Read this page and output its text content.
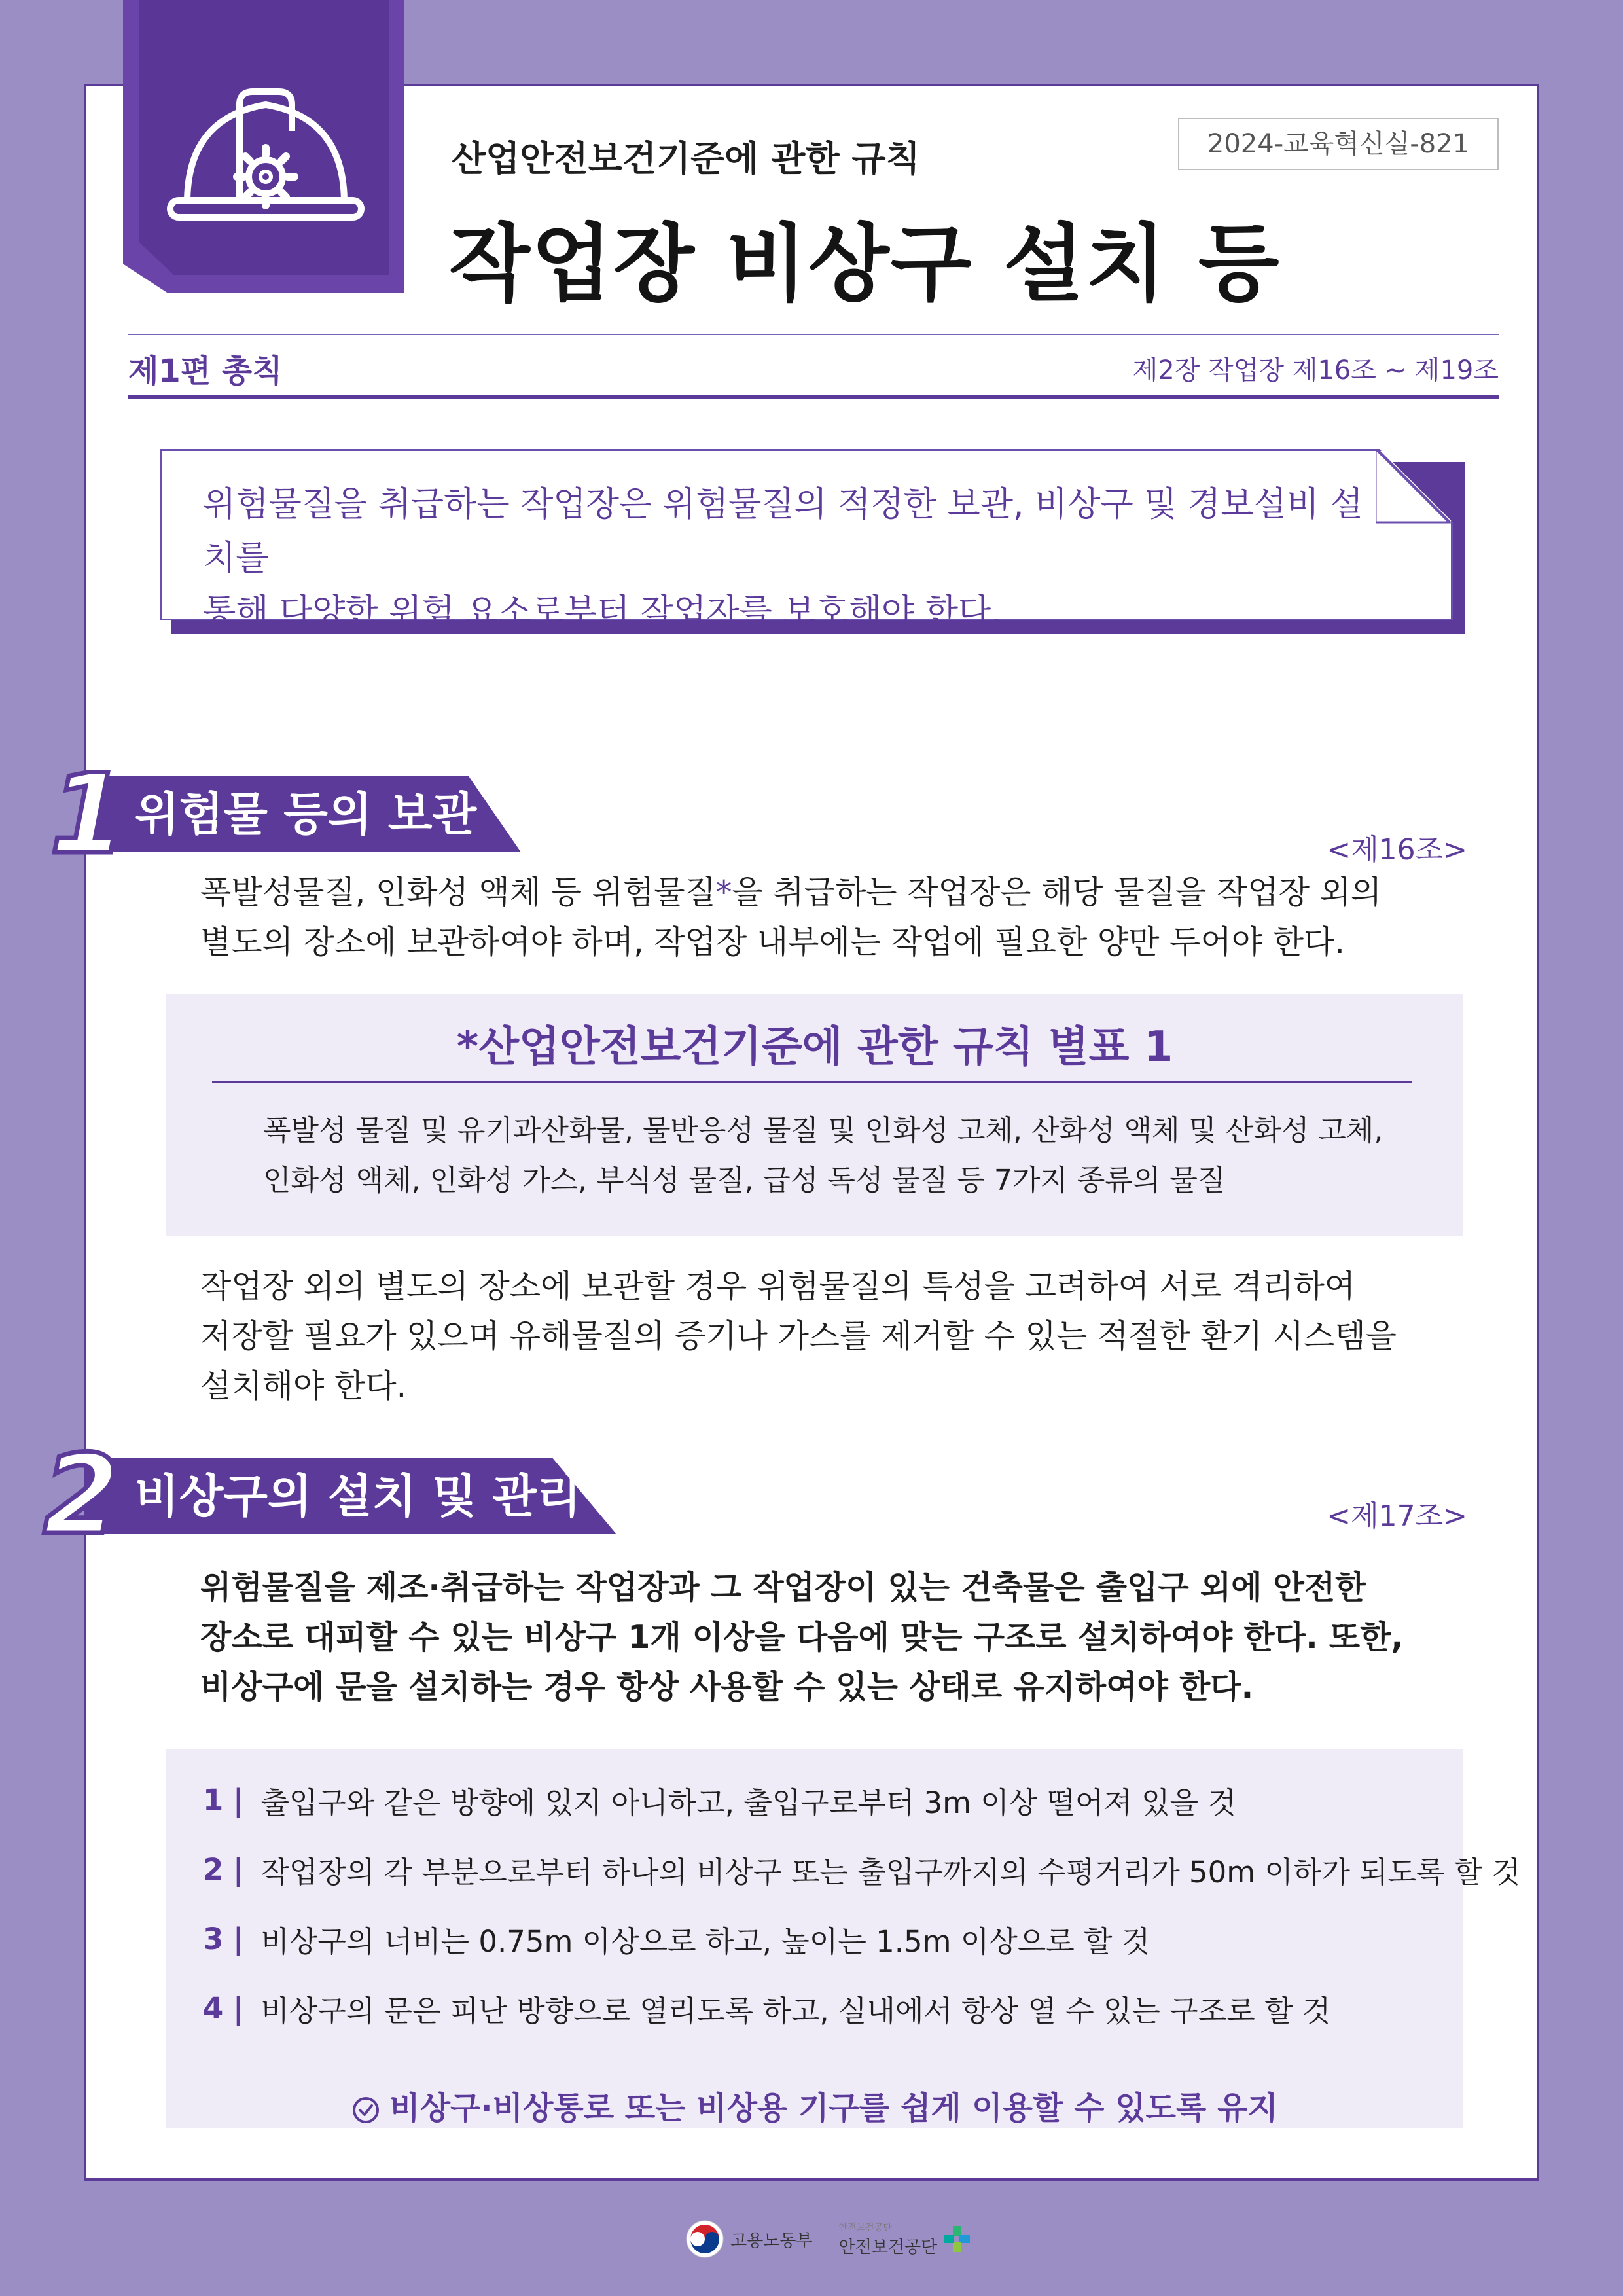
2024-교육혁신실-821
산업안전보건기준에 관한 규칙
작업장 비상구 설치 등
제1편 총칙	제2장 작업장 제16조 ~ 제19조
위험물질을 취급하는 작업장은 위험물질의 적정한 보관, 비상구 및 경보설비 설치를
통해 다양한 위험 요소로부터 작업자를 보호해야 한다.
1 위험물 등의 보관
<제16조>
폭발성물질, 인화성 액체 등 위험물질*을 취급하는 작업장은 해당 물질을 작업장 외의
별도의 장소에 보관하여야 하며, 작업장 내부에는 작업에 필요한 양만 두어야 한다.
*산업안전보건기준에 관한 규칙 별표 1
폭발성 물질 및 유기과산화물, 물반응성 물질 및 인화성 고체, 산화성 액체 및 산화성 고체,
인화성 액체, 인화성 가스, 부식성 물질, 급성 독성 물질 등 7가지 종류의 물질
작업장 외의 별도의 장소에 보관할 경우 위험물질의 특성을 고려하여 서로 격리하여
저장할 필요가 있으며 유해물질의 증기나 가스를 제거할 수 있는 적절한 환기 시스템을
설치해야 한다.
2 비상구의 설치 및 관리	<제17조>
위험물질을 제조·취급하는 작업장과 그 작업장이 있는 건축물은 출입구 외에 안전한
장소로 대피할 수 있는 비상구 1개 이상을 다음에 맞는 구조로 설치하여야 한다. 또한,
비상구에 문을 설치하는 경우 항상 사용할 수 있는 상태로 유지하여야 한다.
1 | 출입구와 같은 방향에 있지 아니하고, 출입구로부터 3m 이상 떨어져 있을 것
2 | 작업장의 각 부분으로부터 하나의 비상구 또는 출입구까지의 수평거리가 50m 이하가 되도록 할 것
3 | 비상구의 너비는 0.75m 이상으로 하고, 높이는 1.5m 이상으로 할 것
4 | 비상구의 문은 피난 방향으로 열리도록 하고, 실내에서 항상 열 수 있는 구조로 할 것
비상구·비상통로 또는 비상용 기구를 쉽게 이용할 수 있도록 유지
고용노동부
안전보건공단
안전보건공단
